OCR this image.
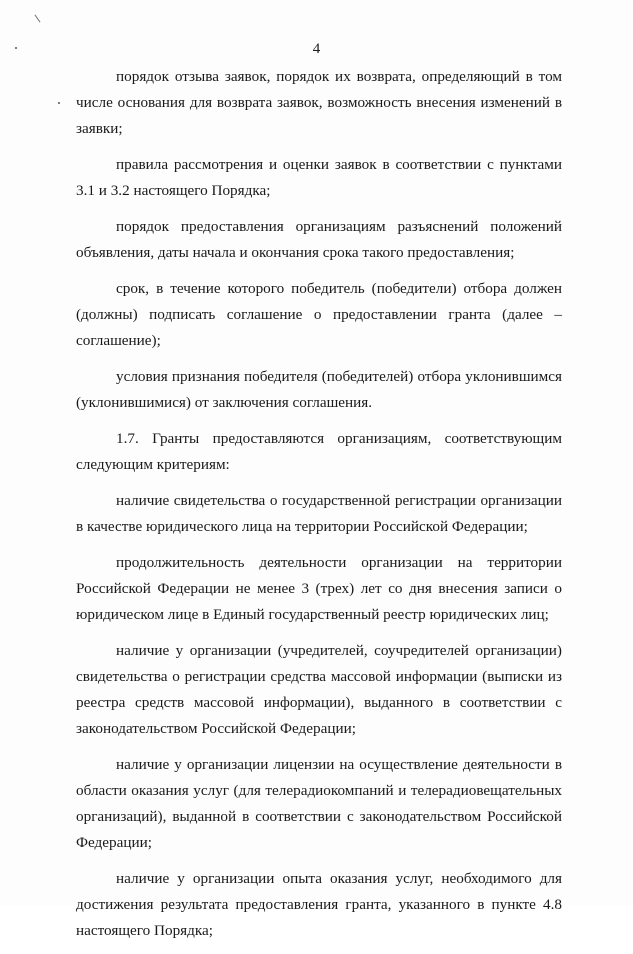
4

порядок отзыва заявок, порядок их возврата, определяющий в том числе основания для возврата заявок, возможность внесения изменений в заявки;

правила рассмотрения и оценки заявок в соответствии с пунктами 3.1 и 3.2 настоящего Порядка;

порядок предоставления организациям разъяснений положений объявления, даты начала и окончания срока такого предоставления;

срок, в течение которого победитель (победители) отбора должен (должны) подписать соглашение о предоставлении гранта (далее – соглашение);

условия признания победителя (победителей) отбора уклонившимся (уклонившимися) от заключения соглашения.

1.7. Гранты предоставляются организациям, соответствующим следующим критериям:

наличие свидетельства о государственной регистрации организации в качестве юридического лица на территории Российской Федерации;

продолжительность деятельности организации на территории Российской Федерации не менее 3 (трех) лет со дня внесения записи о юридическом лице в Единый государственный реестр юридических лиц;

наличие у организации (учредителей, соучредителей организации) свидетельства о регистрации средства массовой информации (выписки из реестра средств массовой информации), выданного в соответствии с законодательством Российской Федерации;

наличие у организации лицензии на осуществление деятельности в области оказания услуг (для телерадиокомпаний и телерадиовещательных организаций), выданной в соответствии с законодательством Российской Федерации;

наличие у организации опыта оказания услуг, необходимого для достижения результата предоставления гранта, указанного в пункте 4.8 настоящего Порядка;
